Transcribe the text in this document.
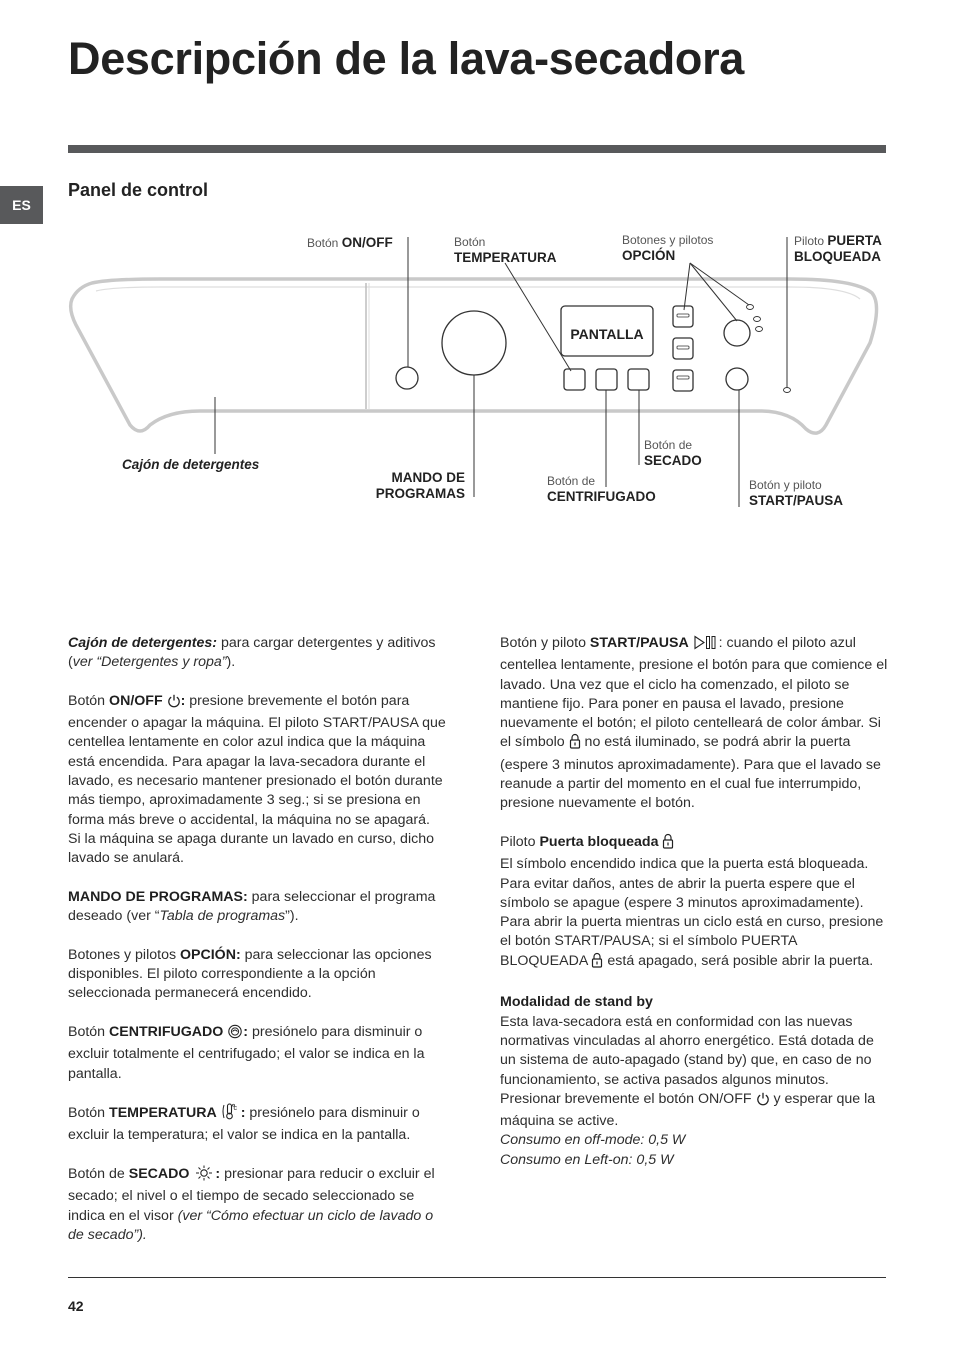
Descripción de la lava-secadora
ES
Panel de control
PANTALLA
Botón ON/OFF	Botón
TEMPERATURA
Botones y pilotos
OPCIÓN
Piloto PUERTA
BLOQUEADA
Cajón de detergentes
MANDO DE
PROGRAMAS
Botón de
SECADO
Botón de
CENTRIFUGADO
Botón y piloto
START/PAUSA

Cajón de detergentes: para cargar detergentes y aditivos (ver “Detergentes y ropa”).

Botón ON/OFF : presione brevemente el botón para encender o apagar la máquina. El piloto START/PAUSA que centellea lentamente en color azul indica que la máquina está encendida. Para apagar la lava-secadora durante el lavado, es necesario mantener presionado el botón durante más tiempo, aproximadamente 3 seg.; si se presiona en forma más breve o accidental, la máquina no se apagará.

Si la máquina se apaga durante un lavado en curso, dicho lavado se anulará.

MANDO DE PROGRAMAS: para seleccionar el programa deseado (ver “Tabla de programas”).

Botones y pilotos OPCIÓN: para seleccionar las opciones disponibles. El piloto correspondiente a la opción seleccionada permanecerá encendido.

Botón CENTRIFUGADO : presiónelo para disminuir o excluir totalmente el centrifugado; el valor se indica en la pantalla.

Botón TEMPERATURA c : presiónelo para disminuir o excluir la temperatura; el valor se indica en la pantalla.

Botón de SECADO : presionar para reducir o excluir el secado; el nivel o el tiempo de secado seleccionado se indica en el visor (ver “Cómo efectuar un ciclo de lavado o de secado”).

Botón y piloto START/PAUSA : cuando el piloto azul centellea lentamente, presione el botón para que comience el lavado. Una vez que el ciclo ha comenzado, el piloto se mantiene fijo. Para poner en pausa el lavado, presione nuevamente el botón; el piloto centelleará de color ámbar. Si el símbolo  no está iluminado, se podrá abrir la puerta (espere 3 minutos aproximadamente). Para que el lavado se reanude a partir del momento en el cual fue interrumpido, presione nuevamente el botón.

Piloto Puerta bloqueada
El símbolo encendido indica que la puerta está bloqueada. Para evitar daños, antes de abrir la puerta espere que el símbolo se apague (espere 3 minutos aproximadamente). Para abrir la puerta mientras un ciclo está en curso, presione el botón START/PAUSA; si el símbolo PUERTA BLOQUEADA  está apagado, será posible abrir la puerta.

Modalidad de stand by
Esta lava-secadora está en conformidad con las nuevas normativas vinculadas al ahorro energético. Está dotada de un sistema de auto-apagado (stand by) que, en caso de no funcionamiento, se activa pasados algunos minutos. Presionar brevemente el botón ON/OFF  y esperar que la máquina se active.
Consumo en off-mode: 0,5 W
Consumo en Left-on: 0,5 W

42
